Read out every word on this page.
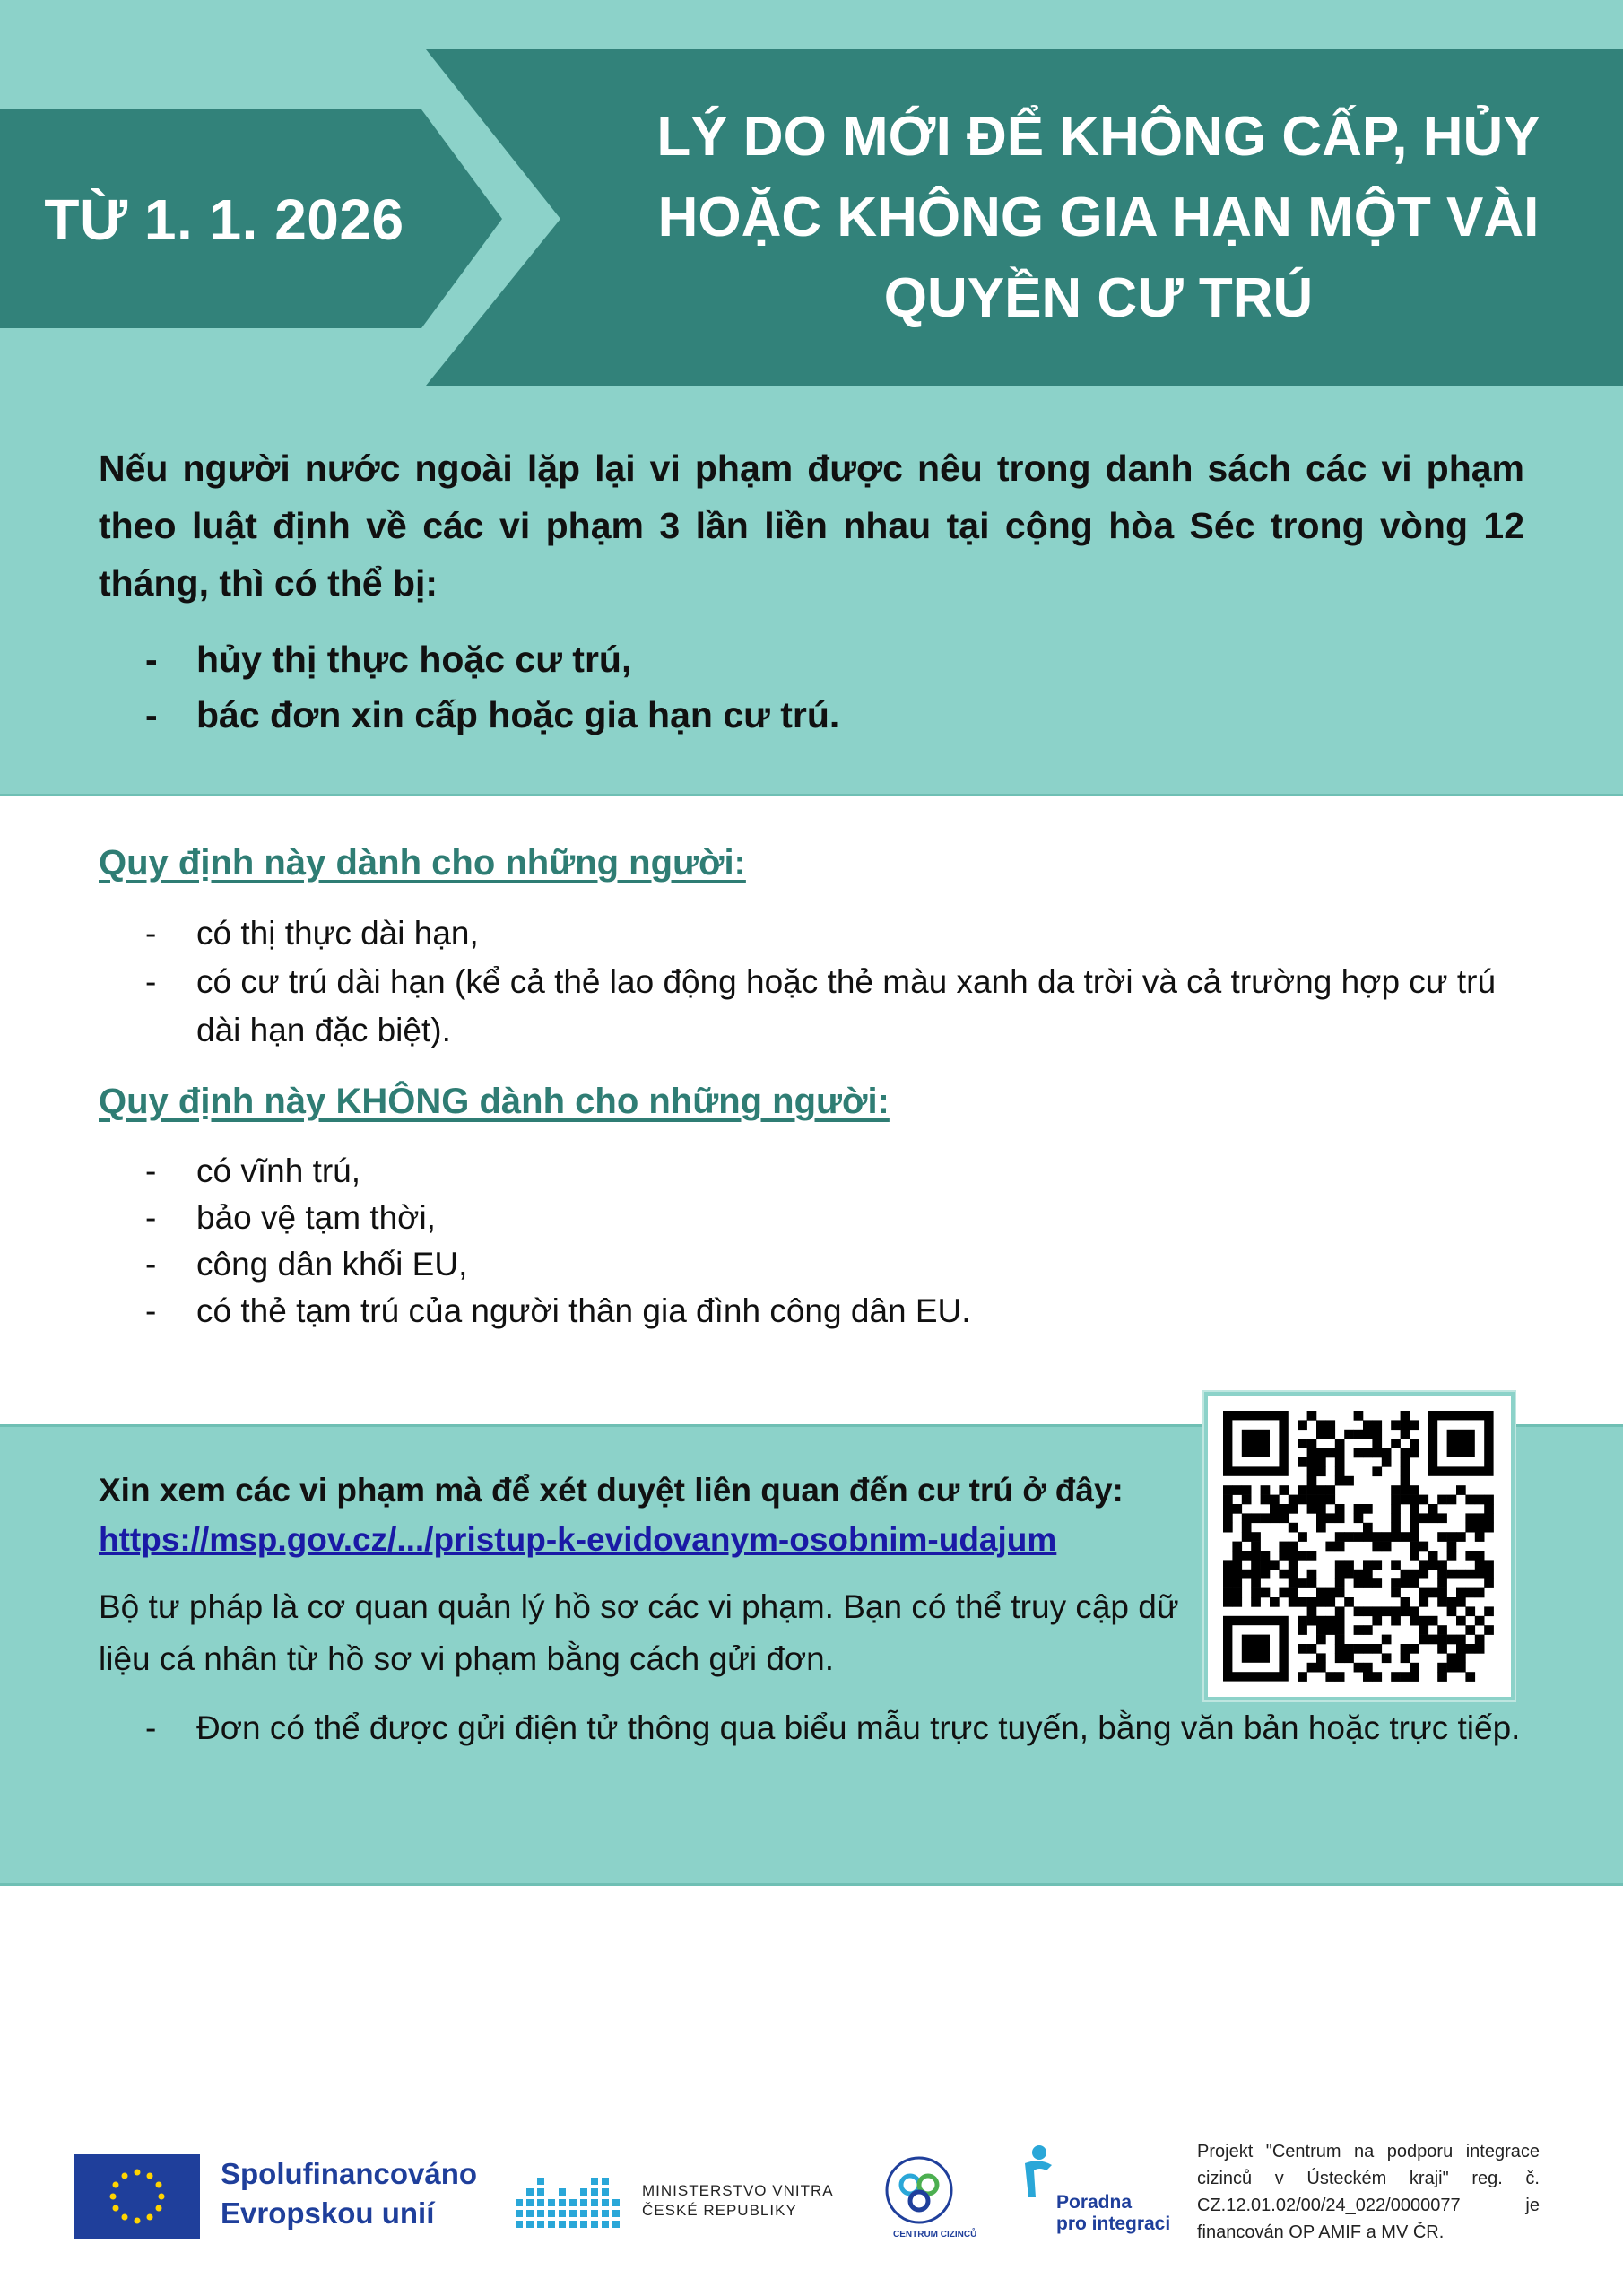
TỪ 1. 1. 2026
LÝ DO MỚI ĐỂ KHÔNG CẤP, HỦY
HOẶC KHÔNG GIA HẠN MỘT VÀI
QUYỀN CƯ TRÚ

Nếu người nước ngoài lặp lại vi phạm được nêu trong danh sách các vi phạm theo luật định về các vi phạm 3 lần liền nhau tại cộng hòa Séc trong vòng 12 tháng, thì có thể bị:

- hủy thị thực hoặc cư trú,
- bác đơn xin cấp hoặc gia hạn cư trú.
Quy định này dành cho những người:
- có thị thực dài hạn,
- có cư trú dài hạn (kể cả thẻ lao động hoặc thẻ màu xanh da trời và cả trường hợp cư trú dài hạn đặc biệt).
Quy định này KHÔNG dành cho những người:
- có vĩnh trú,
- bảo vệ tạm thời,
- công dân khối EU,
- có thẻ tạm trú của người thân gia đình công dân EU.

Xin xem các vi phạm mà để xét duyệt liên quan đến cư trú ở đây:

https://msp.gov.cz/.../pristup-k-evidovanym-osobnim-udajum

Bộ tư pháp là cơ quan quản lý hồ sơ các vi phạm. Bạn có thể truy cập dữ liệu cá nhân từ hồ sơ vi phạm bằng cách gửi đơn.

- Đơn có thể được gửi điện tử thông qua biểu mẫu trực tuyến, bằng văn bản hoặc trực tiếp.
Spolufinancováno
Evropskou unií
MINISTERSTVO VNITRA
ČESKÉ REPUBLIKY
CENTRUM CIZINCŮ
Poradna
pro integraci

Projekt "Centrum na podporu integrace cizinců v Ústeckém kraji" reg. č. CZ.12.01.02/00/24_022/0000077 je financován OP AMIF a MV ČR.
